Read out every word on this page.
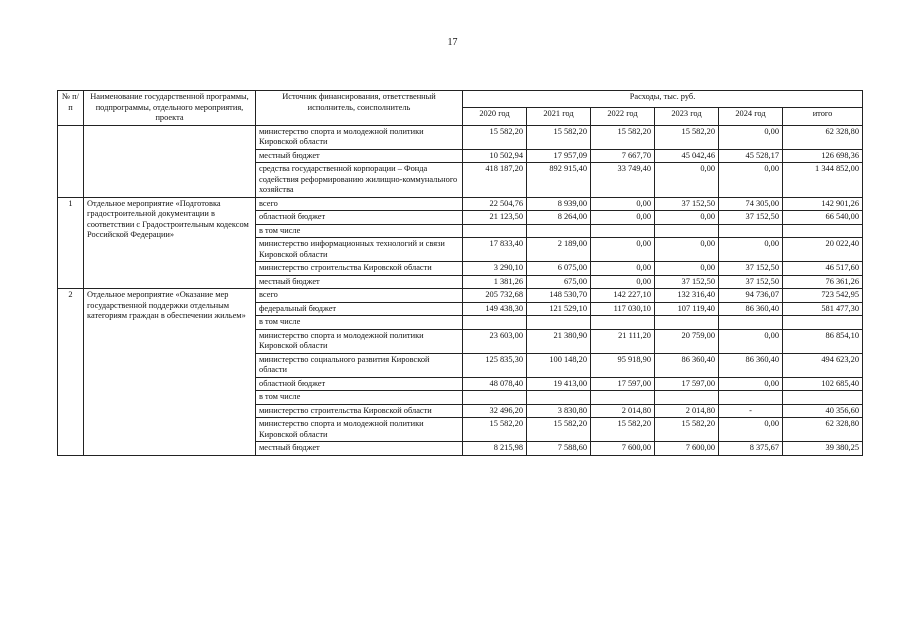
17
№ п/п	Наименование государственной программы, подпрограммы, отдельного мероприятия, проекта	Источник финансирования, ответственный исполнитель, соисполнитель	Расходы, тыс. руб.					
			2020 год	2021 год	2022 год	2023 год	2024 год	итого
		министерство спорта и молодежной политики Кировской области	15 582,20	15 582,20	15 582,20	15 582,20	0,00	62 328,80
		местный бюджет	10 502,94	17 957,09	7 667,70	45 042,46	45 528,17	126 698,36
		средства государственной корпорации – Фонда содействия реформированию жилищно-коммунального хозяйства	418 187,20	892 915,40	33 749,40	0,00	0,00	1 344 852,00
1	Отдельное мероприятие «Подготовка градостроительной документации в соответствии с Градостроительным кодексом Российской Федерации»	всего	22 504,76	8 939,00	0,00	37 152,50	74 305,00	142 901,26
		областной бюджет	21 123,50	8 264,00	0,00	0,00	37 152,50	66 540,00
		в том числе						
		министерство информационных технологий и связи Кировской области	17 833,40	2 189,00	0,00	0,00	0,00	20 022,40
		министерство строительства Кировской области	3 290,10	6 075,00	0,00	0,00	37 152,50	46 517,60
		местный бюджет	1 381,26	675,00	0,00	37 152,50	37 152,50	76 361,26
2	Отдельное мероприятие «Оказание мер государственной поддержки отдельным категориям граждан в обеспечении жильем»	всего	205 732,68	148 530,70	142 227,10	132 316,40	94 736,07	723 542,95
		федеральный бюджет	149 438,30	121 529,10	117 030,10	107 119,40	86 360,40	581 477,30
		в том числе						
		министерство спорта и молодежной политики Кировской области	23 603,00	21 380,90	21 111,20	20 759,00	0,00	86 854,10
		министерство социального развития Кировской области	125 835,30	100 148,20	95 918,90	86 360,40	86 360,40	494 623,20
		областной бюджет	48 078,40	19 413,00	17 597,00	17 597,00	0,00	102 685,40
		в том числе						
		министерство строительства Кировской области	32 496,20	3 830,80	2 014,80	2 014,80	-	40 356,60
		министерство спорта и молодежной политики Кировской области	15 582,20	15 582,20	15 582,20	15 582,20	0,00	62 328,80
		местный бюджет	8 215,98	7 588,60	7 600,00	7 600,00	8 375,67	39 380,25
